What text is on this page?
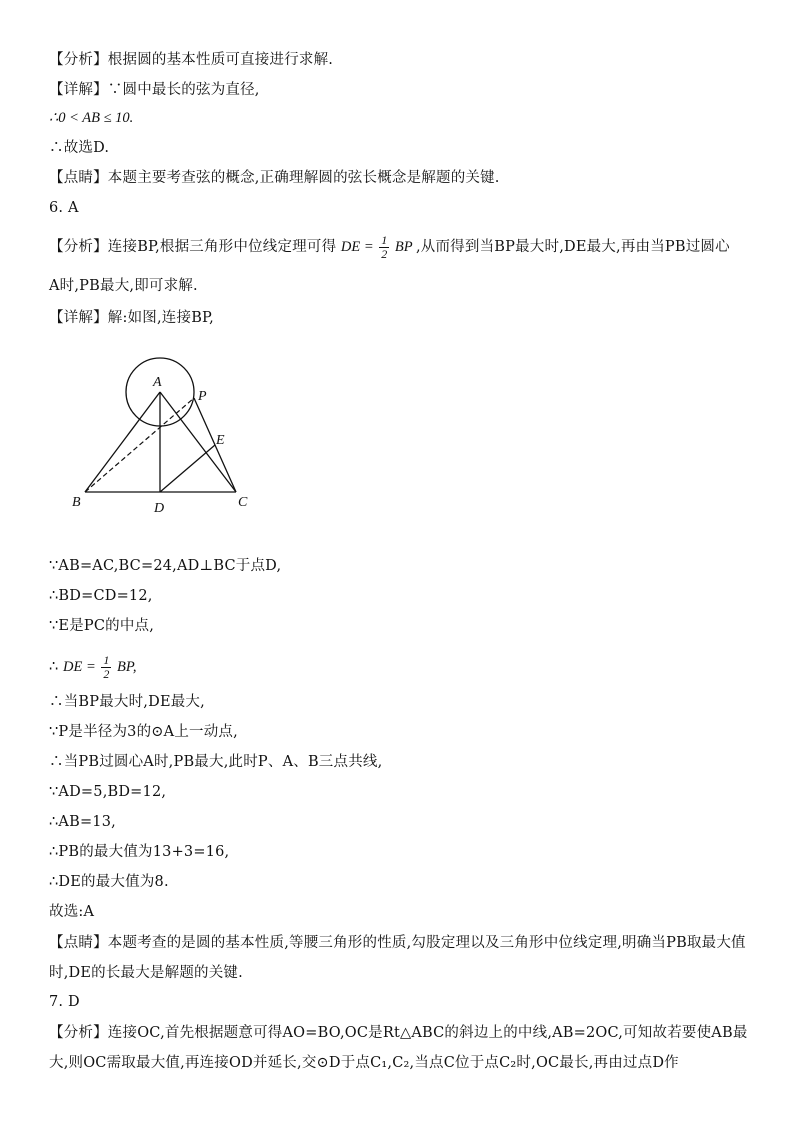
【分析】根据圆的基本性质可直接进行求解.
【详解】∵圆中最长的弦为直径,
∴0 < AB ≤ 10.
∴故选D.
【点睛】本题主要考查弦的概念,正确理解圆的弦长概念是解题的关键.
6. A
【分析】连接BP,根据三角形中位线定理可得 DE = $\frac{1}{2}$ BP ,从而得到当BP最大时,DE最大,再由当PB过圆心
A时,PB最大,即可求解.
【详解】解:如图,连接BP,
A
P
E
B	D	C
∵AB=AC,BC=24,AD⊥BC于点D,
∴BD=CD=12,
∵E是PC的中点,
∴ DE = $\frac{1}{2}$ BP,
∴当BP最大时,DE最大,
∵P是半径为3的⊙A上一动点,
∴当PB过圆心A时,PB最大,此时P、A、B三点共线,
∵AD=5,BD=12,
∴AB=13,
∴PB的最大值为13+3=16,
∴DE的最大值为8.
故选:A
【点睛】本题考查的是圆的基本性质,等腰三角形的性质,勾股定理以及三角形中位线定理,明确当PB取最大值时,DE的长最大是解题的关键.
7. D
【分析】连接OC,首先根据题意可得AO=BO,OC是Rt△ABC的斜边上的中线,AB=2OC,可知故若要使AB最大,则OC需取最大值,再连接OD并延长,交⊙D于点C₁,C₂,当点C位于点C₂时,OC最长,再由过点D作
